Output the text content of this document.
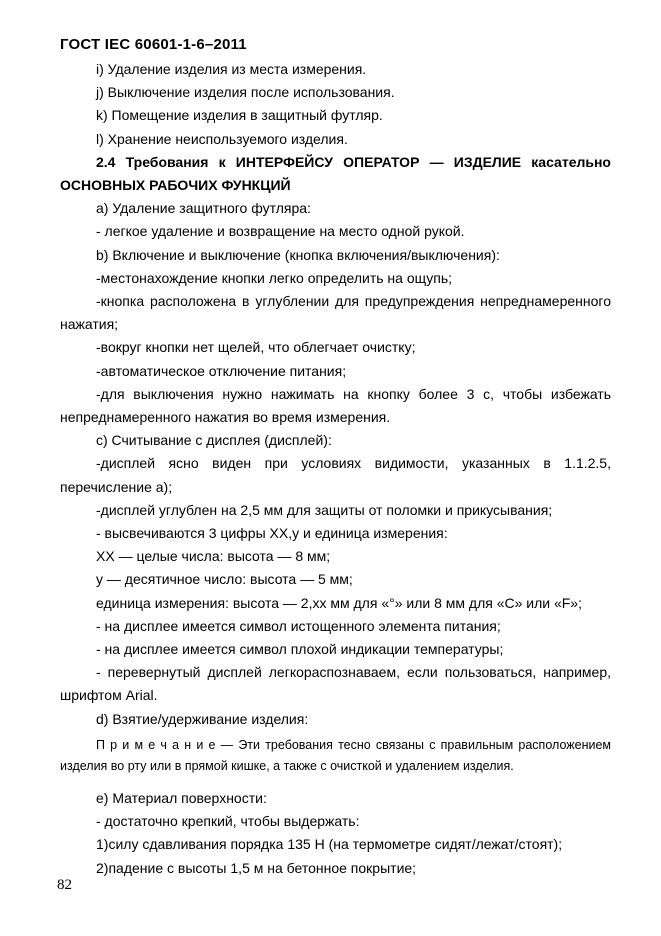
ГОСТ IEC 60601-1-6–2011

i) Удаление изделия из места измерения.

j) Выключение изделия после использования.

k) Помещение изделия в защитный футляр.

l) Хранение неиспользуемого изделия.

2.4 Требования к ИНТЕРФЕЙСУ ОПЕРАТОР — ИЗДЕЛИЕ касательно
ОСНОВНЫХ РАБОЧИХ ФУНКЦИЙ

a) Удаление защитного футляра:

- легкое удаление и возвращение на место одной рукой.

b) Включение и выключение (кнопка включения/выключения):

-местонахождение кнопки легко определить на ощупь;

-кнопка расположена в углублении для предупреждения непреднамеренного
нажатия;

-вокруг кнопки нет щелей, что облегчает очистку;

-автоматическое отключение питания;

-для выключения нужно нажимать на кнопку более 3 с, чтобы избежать
непреднамеренного нажатия во время измерения.

c) Считывание с дисплея (дисплей):

-дисплей ясно виден при условиях видимости, указанных в 1.1.2.5,
перечисление а);

-дисплей углублен на 2,5 мм для защиты от поломки и прикусывания;

- высвечиваются 3 цифры ХХ,у и единица измерения:

ХХ — целые числа: высота — 8 мм;

у — десятичное число: высота — 5 мм;

единица измерения: высота — 2,хх мм для «°» или 8 мм для «С» или «F»;

- на дисплее имеется символ истощенного элемента питания;

- на дисплее имеется символ плохой индикации температуры;

- перевернутый дисплей легкораспознаваем, если пользоваться, например,
шрифтом Arial.

d) Взятие/удерживание изделия:

П р и м е ч а н и е — Эти требования тесно связаны с правильным расположением
изделия во рту или в прямой кишке, а также с очисткой и удалением изделия.

е) Материал поверхности:

- достаточно крепкий, чтобы выдержать:

1)силу сдавливания порядка 135 Н (на термометре сидят/лежат/стоят);

2)падение с высоты 1,5 м на бетонное покрытие;

82
